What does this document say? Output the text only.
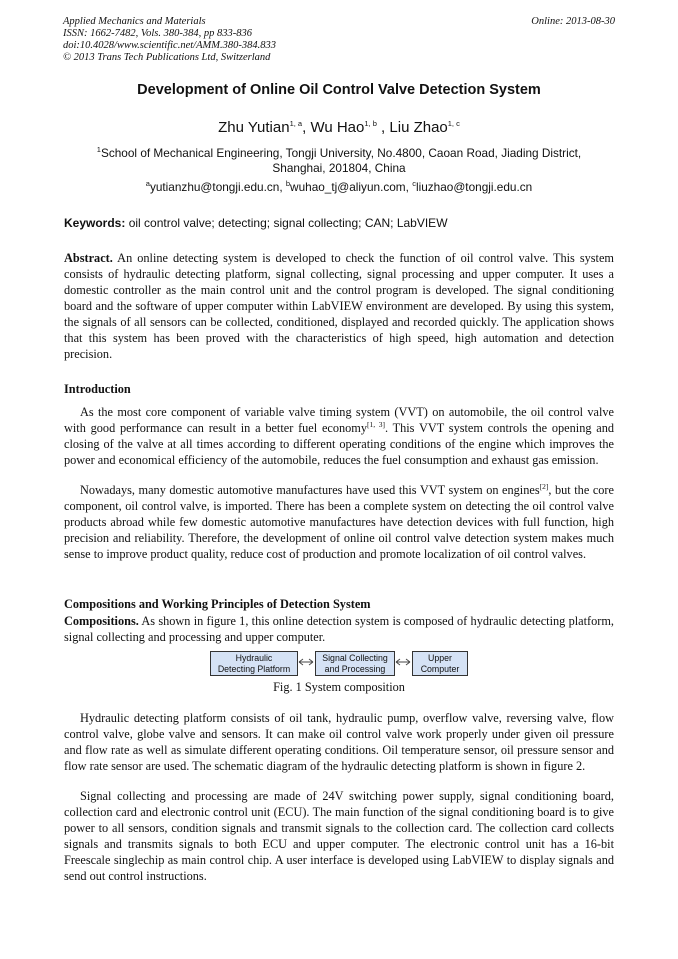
Applied Mechanics and Materials
ISSN: 1662-7482, Vols. 380-384, pp 833-836
doi:10.4028/www.scientific.net/AMM.380-384.833
© 2013 Trans Tech Publications Ltd, Switzerland
Online: 2013-08-30
Development of Online Oil Control Valve Detection System
Zhu Yutian$^{1, a}$, Wu Hao$^{1, b}$ , Liu Zhao$^{1, c}$
$^1$School of Mechanical Engineering, Tongji University, No.4800, Caoan Road, Jiading District,
Shanghai, 201804, China
$^a$yutianzhu@tongji.edu.cn, $^b$wuhao_tj@aliyun.com, $^c$liuzhao@tongji.edu.cn
Keywords: oil control valve; detecting; signal collecting; CAN; LabVIEW
Abstract. An online detecting system is developed to check the function of oil control valve. This system consists of hydraulic detecting platform, signal collecting, signal processing and upper computer. It uses a domestic controller as the main control unit and the control program is developed. The signal conditioning board and the software of upper computer within LabVIEW environment are developed. By using this system, the signals of all sensors can be collected, conditioned, displayed and recorded quickly. The application shows that this system has been proved with the characteristics of high speed, high automation and detection precision.
Introduction
As the most core component of variable valve timing system (VVT) on automobile, the oil control valve with good performance can result in a better fuel economy[1, 3]. This VVT system controls the opening and closing of the valve at all times according to different operating conditions of the engine which improves the power and economical efficiency of the automobile, reduces the fuel consumption and exhaust gas emission.
Nowadays, many domestic automotive manufactures have used this VVT system on engines[2], but the core component, oil control valve, is imported. There has been a complete system on detecting the oil control valve products abroad while few domestic automotive manufactures have detection devices with full function, high precision and reliability. Therefore, the development of online oil control valve detection system makes much sense to improve product quality, reduce cost of production and promote localization of oil control valves.
Compositions and Working Principles of Detection System
Compositions. As shown in figure 1, this online detection system is composed of hydraulic detecting platform, signal collecting and processing and upper computer.
Hydraulic
Detecting Platform
Signal Collecting
and Processing
Upper
Computer
Fig. 1 System composition
Hydraulic detecting platform consists of oil tank, hydraulic pump, overflow valve, reversing valve, flow control valve, globe valve and sensors. It can make oil control valve work properly under given oil pressure and flow rate as well as simulate different operating conditions. Oil temperature sensor, oil pressure sensor and flow rate sensor are used. The schematic diagram of the hydraulic detecting platform is shown in figure 2.
Signal collecting and processing are made of 24V switching power supply, signal conditioning board, collection card and electronic control unit (ECU). The main function of the signal conditioning board is to give power to all sensors, condition signals and transmit signals to the collection card. The collection card collects signals and transmits signals to both ECU and upper computer. The electronic control unit has a 16-bit Freescale singlechip as main control chip. A user interface is developed using LabVIEW to display signals and send out control instructions.
